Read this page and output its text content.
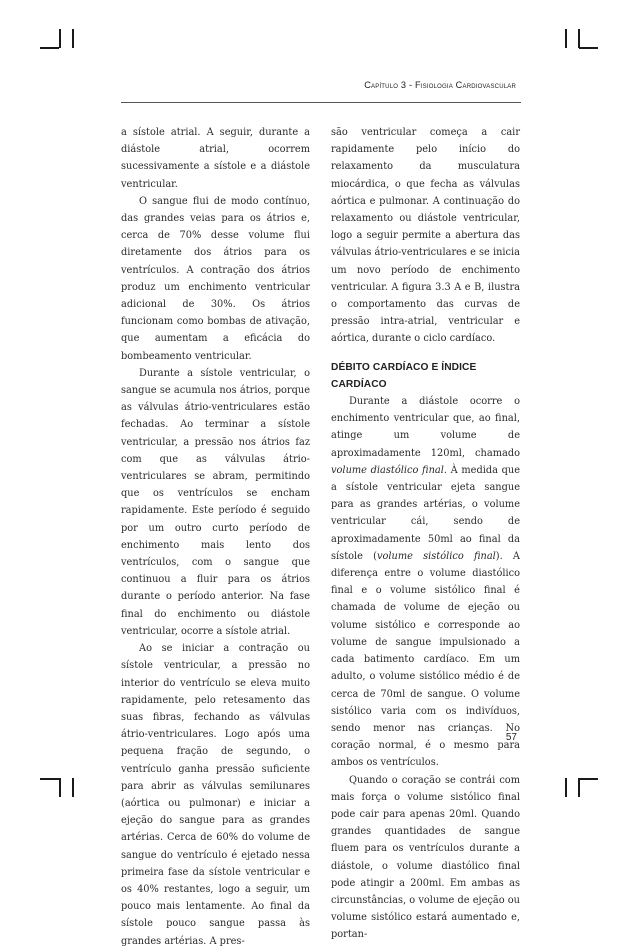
Capítulo 3 - Fisiologia Cardiovascular

a sístole atrial. A seguir, durante a diástole atrial, ocorrem sucessivamente a sístole e a diástole ventricular.

O sangue flui de modo contínuo, das grandes veias para os átrios e, cerca de 70% desse volume flui diretamente dos átrios para os ventrículos. A contração dos átrios produz um enchimento ventricular adicional de 30%. Os átrios funcionam como bombas de ativação, que aumentam a eficácia do bombeamento ventricular.

Durante a sístole ventricular, o sangue se acumula nos átrios, porque as válvulas átrio-ventriculares estão fechadas. Ao terminar a sístole ventricular, a pressão nos átrios faz com que as válvulas átrio-ventriculares se abram, permitindo que os ventrículos se encham rapidamente. Este período é seguido por um outro curto período de enchimento mais lento dos ventrículos, com o sangue que continuou a fluir para os átrios durante o período anterior. Na fase final do enchimento ou diástole ventricular, ocorre a sístole atrial.

Ao se iniciar a contração ou sístole ventricular, a pressão no interior do ventrículo se eleva muito rapidamente, pelo retesamento das suas fibras, fechando as válvulas átrio-ventriculares. Logo após uma pequena fração de segundo, o ventrículo ganha pressão suficiente para abrir as válvulas semilunares (aórtica ou pulmonar) e iniciar a ejeção do sangue para as grandes artérias. Cerca de 60% do volume de sangue do ventrículo é ejetado nessa primeira fase da sístole ventricular e os 40% restantes, logo a seguir, um pouco mais lentamente. Ao final da sístole pouco sangue passa às grandes artérias. A pres-

são ventricular começa a cair rapidamente pelo início do relaxamento da musculatura miocárdica, o que fecha as válvulas aórtica e pulmonar. A continuação do relaxamento ou diástole ventricular, logo a seguir permite a abertura das válvulas átrio-ventriculares e se inicia um novo período de enchimento ventricular. A figura 3.3 A e B, ilustra o comportamento das curvas de pressão intra-atrial, ventricular e aórtica, durante o ciclo cardíaco.

DÉBITO CARDÍACO E ÍNDICE CARDÍACO

Durante a diástole ocorre o enchimento ventricular que, ao final, atinge um volume de aproximadamente 120ml, chamado volume diastólico final. À medida que a sístole ventricular ejeta sangue para as grandes artérias, o volume ventricular cái, sendo de aproximadamente 50ml ao final da sístole (volume sistólico final). A diferença entre o volume diastólico final e o volume sistólico final é chamada de volume de ejeção ou volume sistólico e corresponde ao volume de sangue impulsionado a cada batimento cardíaco. Em um adulto, o volume sistólico médio é de cerca de 70ml de sangue. O volume sistólico varia com os indivíduos, sendo menor nas crianças. No coração normal, é o mesmo para ambos os ventrículos.

Quando o coração se contrái com mais força o volume sistólico final pode cair para apenas 20ml. Quando grandes quantidades de sangue fluem para os ventrículos durante a diástole, o volume diastólico final pode atingir a 200ml. Em ambas as circunstâncias, o volume de ejeção ou volume sistólico estará aumentado e, portan-

57
